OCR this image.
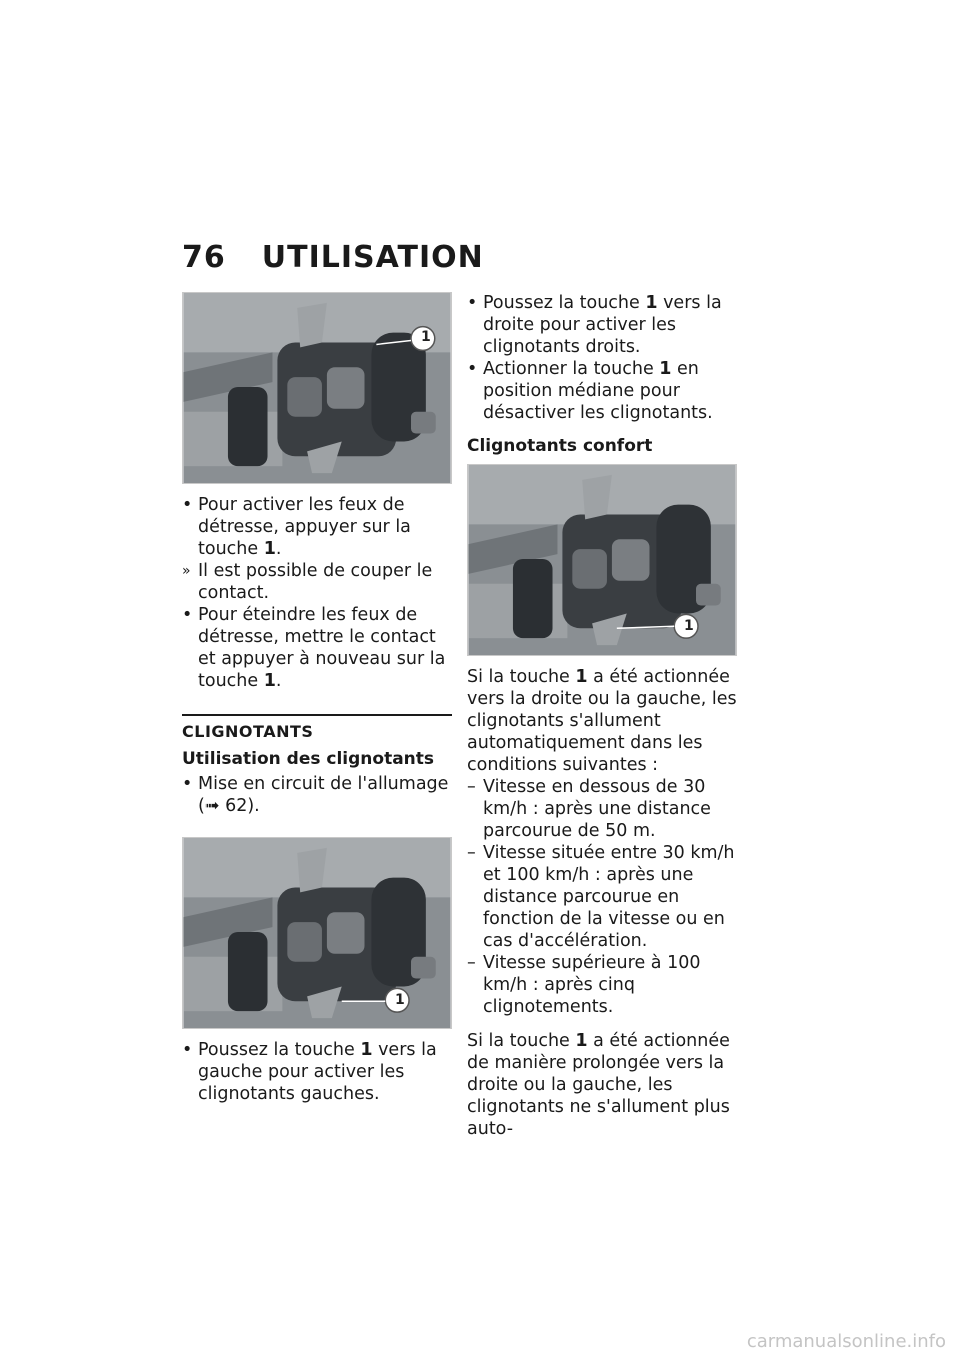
76 UTILISATION
1
• Pour activer les feux de détresse, appuyer sur la touche 1.
» Il est possible de couper le contact.
• Pour éteindre les feux de détresse, mettre le contact et appuyer à nouveau sur la touche 1.
CLIGNOTANTS
Utilisation des clignotants
• Mise en circuit de l'allumage (➟ 62).
1
• Poussez la touche 1 vers la gauche pour activer les clignotants gauches.
• Poussez la touche 1 vers la droite pour activer les clignotants droits.
• Actionner la touche 1 en position médiane pour désactiver les clignotants.
Clignotants confort
1

Si la touche 1 a été actionnée vers la droite ou la gauche, les clignotants s'allument automatiquement dans les conditions suivantes :

– Vitesse en dessous de 30 km/h : après une distance parcourue de 50 m.
– Vitesse située entre 30 km/h et 100 km/h : après une distance parcourue en fonction de la vitesse ou en cas d'accélération.
– Vitesse supérieure à 100 km/h : après cinq clignotements.

Si la touche 1 a été actionnée de manière prolongée vers la droite ou la gauche, les clignotants ne s'allument plus auto-

carmanualsonline.info
